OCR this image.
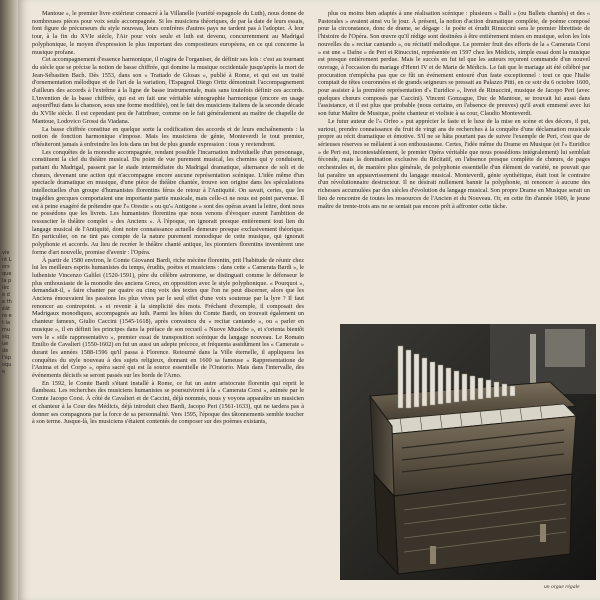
vient Lorsque la pièce de théâtre et la musique de l'époque

Mantoue », le premier livre extérieur consacré à la Villanelle (variété espagnole du Luth), nous donne de nombreuses pièces pour voix seule accompagnée. Si les musiciens théoriques, de par la date de leurs essais, font figure de précurseurs du style nouveau, leurs confrères d'autres pays ne tardent pas à l'adopter. À leur tour, à la fin du XVIe siècle, l'Air pour voix seule et luth est devenu, concurremment au Madrigal polyphonique, le moyen d'expression le plus important des compositeurs européens, en ce qui concerne la musique profane.

Cet accompagnement d'essence harmonique, il n'agira de l'organiser, de définir ses lois : c'est au tournant du siècle que se précise la notion de basse chiffrée, qui domine la musique occidentale jusqu'après la mort de Jean-Sébastien Bach. Dès 1553, dans son « Trattado de Glosas », publié à Rome, et qui est un traité d'ornementation mélodique et de l'art de la variation, l'Espagnol Diego Ortiz démontrait l'accompagnement d'ailleurs des accords à l'extrême à la ligne de basse instrumentale, mais sans toutefois définir ces accords. L'invention de la basse chiffrée, qui est en fait une véritable sténographie harmonique (encore en usage aujourd'hui dans la chanson, sous une forme modifiée), ont le fait des musiciens italiens de la seconde décade du XVIIe siècle. Il est cependant peu de l'attribuer, comme on le fait généralement au maître de chapelle de Mantoue, Lodovico Grossi da Viadana.

La basse chiffrée constitue en quelque sorte la codification des accords et de leurs enchaînements : la notion de fonction harmonique s'impose. Mais les musiciens de génie, Monteverdi le tout premier, n'hésiteront jamais à enfreindre les lois dans un but de plus grande expression : tous y reviendront.

Les conquêtes de la monodie accompagnée, rendant possible l'incarnation individuelle d'un personnage, constituent la clef du théâtre musical. Du point de vue purement musical, les chemins qui y conduisent, partant du Madrigal, passent par le stade intermédiaire du Madrigal dramatique, alternance de soli et de chœurs, devenant une action qui n'accompagne encore aucune représentation scénique. L'idée même d'un spectacle dramatique en musique, d'une pièce de théâtre chantée, trouve son origine dans les spéculations intellectuelles d'un groupe d'humanistes florentins férus de retour à l'Antiquité. On savait, certes, que les tragédies grecques comportaient une importante partie musicale, mais celle-ci ne nous est point parvenue. Il est à peine exagéré de prétendre que l'« Orestie » ou qu'« Antigone » sont des opéras avant la lettre, dont nous ne possédons que les livrets. Les humanistes florentins que nous venons d'évoquer eurent l'ambition de ressusciter le théâtre complet « des Anciens ». À l'époque, on ignorait presque entièrement tout lien du langage musical de l'Antiquité, dont notre connaissance actuelle demeure presque exclusivement théorique. En particulier, on ne tint pas compte de la nature purement monodique de cette musique, qui ignorait polyphonie et accords. Au lieu de recréer le théâtre chanté antique, les pionniers florentins inventèrent une forme d'art nouvelle, promise d'avenir : l'Opéra.

À partir de 1580 environ, le Comte Giovanni Bardi, riche mécène florentin, prit l'habitude de réunir chez lui les meilleurs esprits humanistes du temps, érudits, poètes et musiciens : dans cette « Camerata Bardi », le lutheniste Vincenzo Galilei (1520-1591), père du célèbre astronome, se distinguait comme le défenseur le plus enthousiaste de la monodie des anciens Grecs, en opposition avec le style polyphonique. « Pourquoi », demandait-il, « faire chanter par quatre ou cinq voix des textes que l'on ne peut discerner, alors que les Anciens émouvaient les passions les plus vives par le seul effet d'une voix soutenue par la lyre ? Il faut renoncer au contrepoint. » et revenir à la simplicité des mots. Fréchant d'exemple, il composait des Madrigaux monodiques, accompagnés au luth. Parmi les hôtes du Comte Bardi, on trouvait également un chanteur fameux, Giulio Caccini (1545-1618), après convaincu du « recitar cantando », ou « parler en musique », il en définit les principes dans la préface de son recueil « Nuove Musiche », et s'orienta bientôt vers le « stile rappresentativo », premier essai de transposition scénique du langage nouveau. Le Romain Emilio de Cavalieri (1550-1602) en fut un aussi un adepte précoce, et fréquenta assidûment les « Camerate » durant les années 1588-1596 qu'il passa à Florence. Retourné dans la Ville éternelle, il appliquera les conquêtes du style nouveau à des sujets religieux, donnant en 1600 sa fameuse « Rappresentatione de l'Anima et del Corpo », opéra sacré qui est la source essentielle de l'Oratorio. Mais dans l'intervalle, des événements décisifs se seront passés sur les bords de l'Arno.

En 1592, le Comte Bardi s'étant installé à Rome, ce fut un autre aristocrate florentin qui reprit le flambeau. Les recherches des musiciens humanistes se poursuivirent à la « Camerata Corsi », animée par le Comte Jacopo Corsi. À côté de Cavalieri et de Caccini, déjà nommés, nous y voyons apparaître un musicien et chanteur à la Cour des Médicis, déjà introduit chez Bardi, Jacopo Peri (1561-1633), qui ne tardera pas à donner ses compagnons par la force de sa personnalité. Vers 1595, l'époque des tâtonnements semble toucher à son terme. Jusque-là, les musiciens s'étaient contentés de composer sur des poèmes existants,

plus ou moins bien adaptés à une réalisation scénique : plusieurs « Balli » (ou Ballets chantés) et des « Pastorales » avaient ainsi vu le jour. À présent, la notion d'action dramatique complète, de poème composé pour la circonstance, donc de drame, se dégage : le poète et érudit Rinuccini sera le premier librettiste de l'histoire de l'Opéra. Son œuvre qu'il rédige sont destinées à être entièrement mises en musique, selon les lois nouvelles du « recitar cantando », ou récitatif mélodique. Le premier fruit des efforts de la « Camerata Corsi » est une « Dafne » de Peri et Rinuccini, représentée en 1597 chez les Médicis, simple essai dont la musique est presque entièrement perdue. Mais le succès en fut tel que les auteurs reçurent commande d'un nouvel ouvrage, à l'occasion du mariage d'Henri IV et de Marie de Médicis. Le fait que le mariage ait été célébré par procuration n'empêcha pas que ce fût un événement entouré d'un faste exceptionnel : tout ce que l'Italie comptait de têtes couronnées et de grands seigneurs se pressait au Palazzo Pitti, en ce soir du 6 octobre 1600, pour assister à la première représentation d'« Euridice », livret de Rinuccini, musique de Jacopo Peri (avec quelques chœurs composés par Caccini). Vincent Gonzague, Duc de Mantoue, se trouvait lui aussi dans l'assistance, et il est plus que probable (nous certains, en l'absence de preuves) qu'il avait emmené avec lui son futur Maître de Musique, poète chanteur et violiste à sa cour, Claudio Monteverdi.

Le futur auteur de l'« Orfeo » put apprécier le faste et le luxe de la mise en scène et des décors, il put, surtout, prendre connaissance du fruit de vingt ans de recherches à la conquête d'une déclamation musicale propre au récit dramatique et émotive. S'il ne se hâta pourtant pas de suivre l'exemple de Peri, c'est que de sérieuses réserves se mêlaient à son enthousiasme. Certes, l'idée même du Drame en Musique (et l'« Euridice » de Peri est, incontestablement, le premier Opéra véritable que nous possédions intégralement) lui semblait féconde, mais la domination exclusive du Récitatif, en l'absence presque complète de chœurs, de pages orchestrales et, de manière plus générale, de polyphonie essentielle d'un élément de variété, ne pouvait que lui paraître un appauvrissement du langage musical. Monteverdi, génie synthétique, était tout le contraire d'un révolutionnaire destructeur. Il ne désirait nullement bannir la polyphonie, ni renoncer à aucune des richesses accumulées par des siècles d'évolution du langage musical. Son propre Drame en Musique serait un lieu de rencontre de toutes les ressources de l'Ancien et du Nouveau. Or, en cette fin d'année 1600, le jeune maître de trente-trois ans ne se sentait pas encore prêt à affronter cette tâche.

un orgue régale
